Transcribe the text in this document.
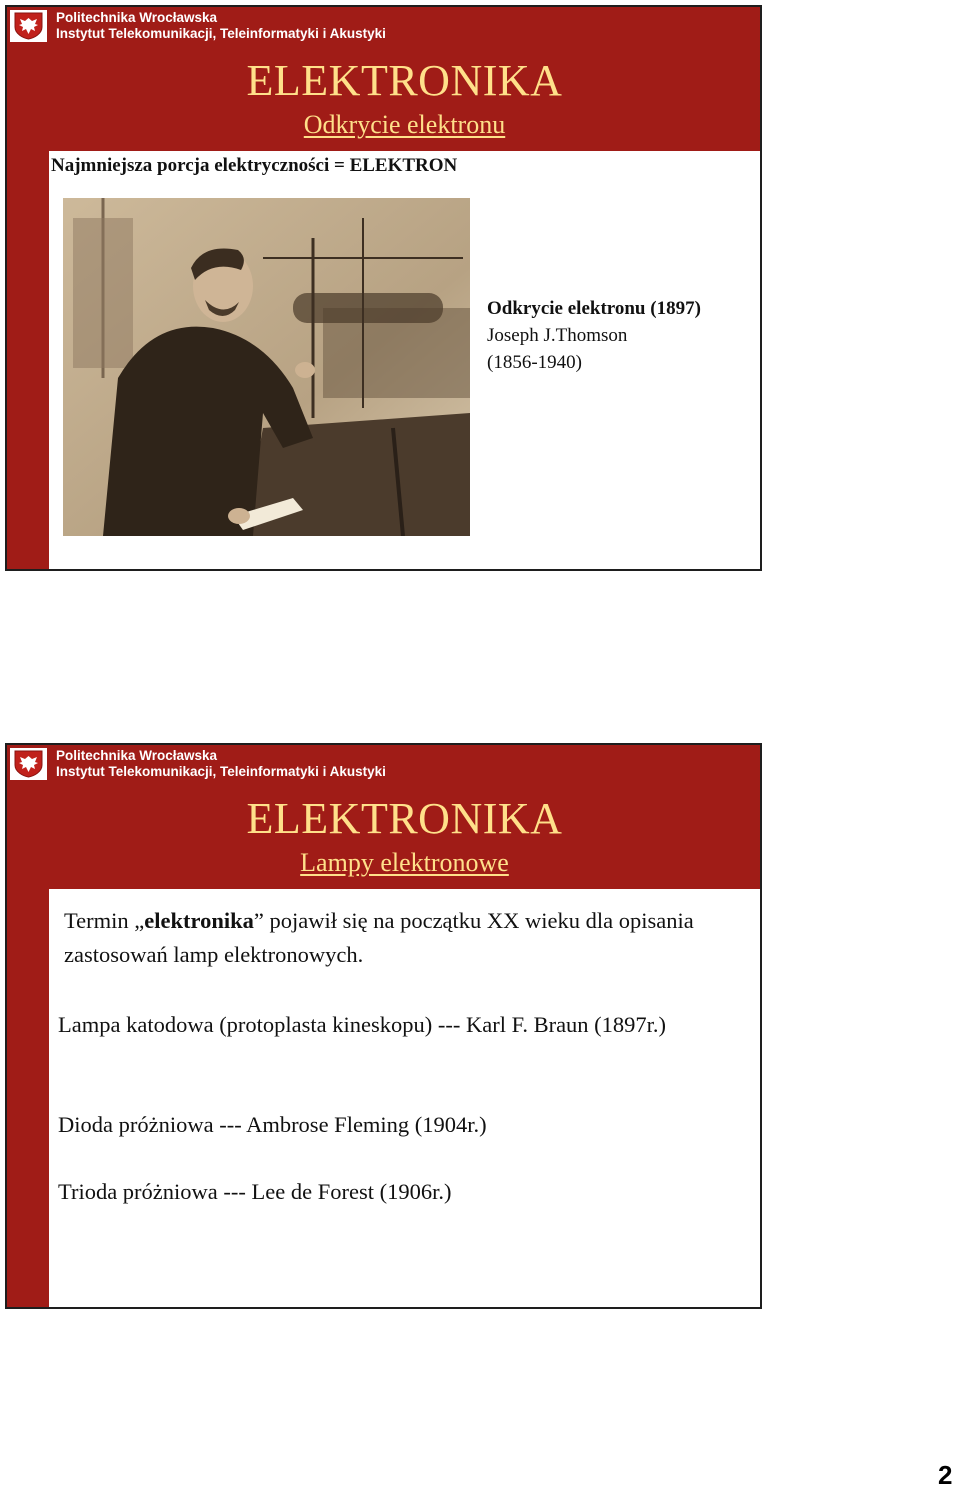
Politechnika Wrocławska
Instytut Telekomunikacji, Teleinformatyki i Akustyki
ELEKTRONIKA
Odkrycie elektronu
Najmniejsza porcja elektryczności = ELEKTRON
Odkrycie elektronu (1897)
Joseph J.Thomson
(1856-1940)
Politechnika Wrocławska
Instytut Telekomunikacji, Teleinformatyki i Akustyki
ELEKTRONIKA
Lampy elektronowe
Termin „elektronika” pojawił się na początku XX wieku dla opisania zastosowań lamp elektronowych.
Lampa katodowa (protoplasta kineskopu) --- Karl F. Braun (1897r.)
Dioda próżniowa --- Ambrose Fleming (1904r.)
Trioda próżniowa --- Lee de Forest (1906r.)
2
